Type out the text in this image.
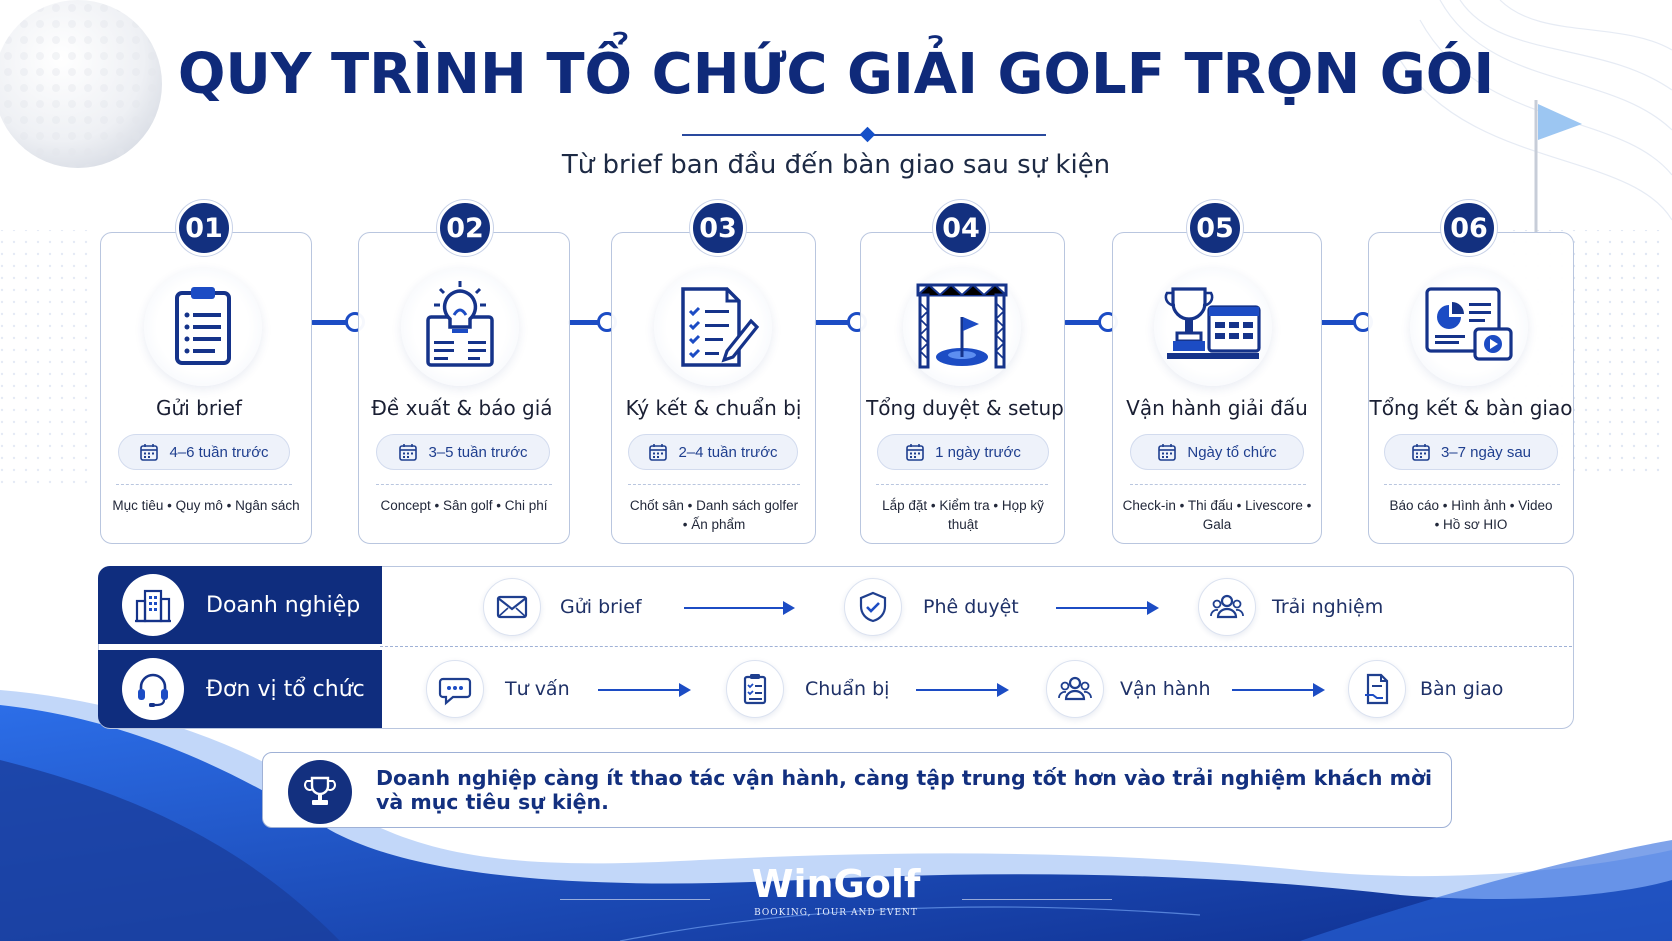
QUY TRÌNH TỔ CHỨC GIẢI GOLF TRỌN GÓI
Từ brief ban đầu đến bàn giao sau sự kiện
01
Gửi brief
4–6 tuần trước
Mục tiêu • Quy mô • Ngân sách
02
Đề xuất & báo giá
3–5 tuần trước
Concept • Sân golf • Chi phí
03
Ký kết & chuẩn bị
2–4 tuần trước
Chốt sân • Danh sách golfer
• Ấn phẩm
04
Tổng duyệt & setup
1 ngày trước
Lắp đặt • Kiểm tra • Họp kỹ
thuật
05
Vận hành giải đấu
Ngày tổ chức
Check-in • Thi đấu • Livescore •
Gala
06
Tổng kết & bàn giao
3–7 ngày sau
Báo cáo • Hình ảnh • Video
• Hồ sơ HIO
Doanh nghiệp
Đơn vị tổ chức
Gửi brief	Phê duyệt	Trải nghiệm
Tư vấn	Chuẩn bị	Vận hành	Bàn giao
Doanh nghiệp càng ít thao tác vận hành, càng tập trung tốt hơn vào trải nghiệm khách mời và mục tiêu sự kiện.
WinGolf
BOOKING, TOUR AND EVENT
